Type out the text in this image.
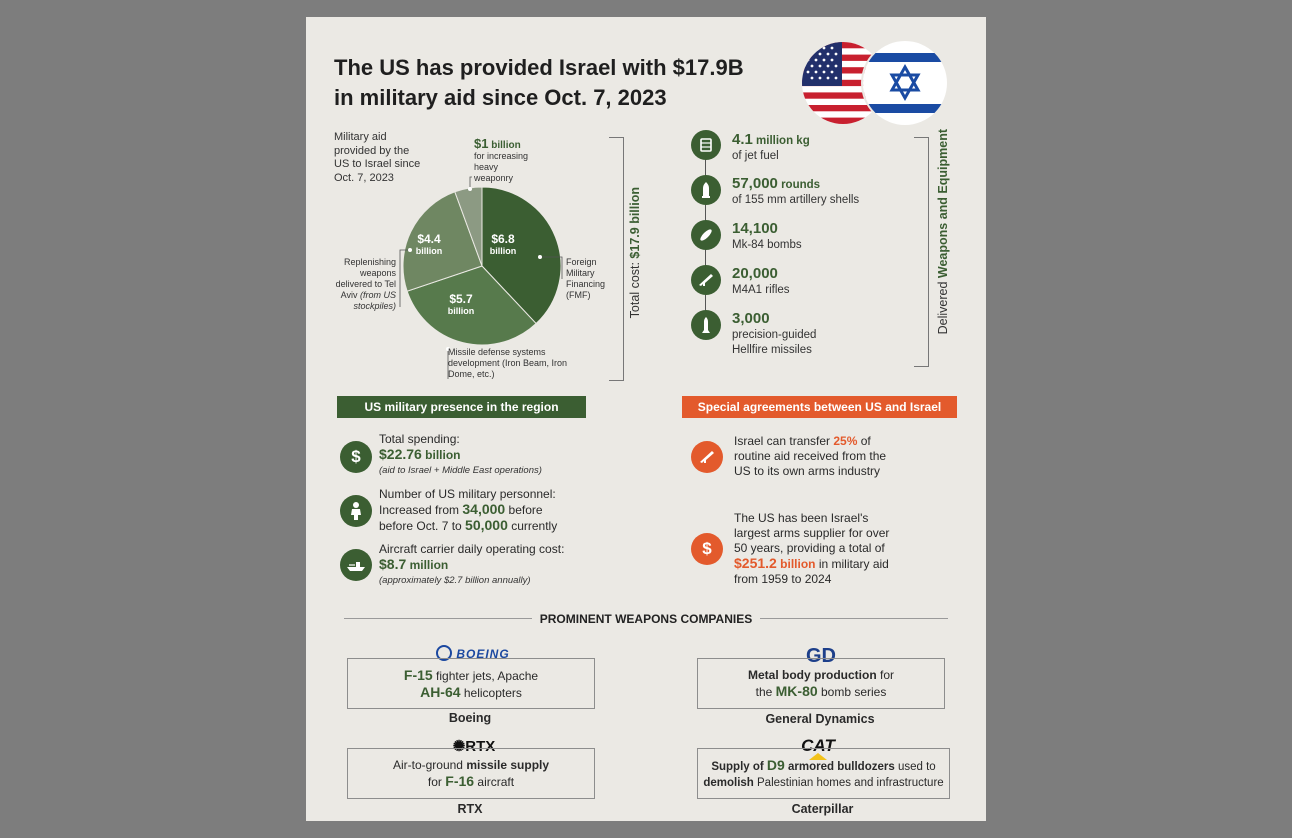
The US has provided Israel with $17.9B
in military aid since Oct. 7, 2023
Military aid
provided by the
US to Israel since
Oct. 7, 2023
$6.8
billion
$5.7
billion
$4.4
billion
$1 billion
for increasing
heavy
weaponry
Foreign
Military
Financing
(FMF)
Missile defense systems
development (Iron Beam, Iron
Dome, etc.)
Replenishing
weapons
delivered to Tel
Aviv (from US
stockpiles)	Total cost: $17.9 billion
4.1 million kg
of jet fuel
57,000 rounds
of 155 mm artillery shells
14,100
Mk-84 bombs
20,000
M4A1 rifles
3,000
precision-guided
Hellfire missiles
Delivered Weapons and Equipment
US military presence in the region	Special agreements between US and Israel
$
Total spending:
$22.76 billion
(aid to Israel + Middle East operations)
Number of US military personnel:
Increased from 34,000 before
before Oct. 7 to 50,000 currently
Aircraft carrier daily operating cost:
$8.7 million
(approximately $2.7 billion annually)
Israel can transfer 25% of
routine aid received from the
US to its own arms industry
$
The US has been Israel's
largest arms supplier for over
50 years, providing a total of
$251.2 billion in military aid
from 1959 to 2024
PROMINENT WEAPONS COMPANIES
BOEING
F-15 fighter jets, Apache
AH-64 helicopters
Boeing
GD
Metal body production for
the MK-80 bomb series
General Dynamics
✺RTX
Air-to-ground missile supply
for F-16 aircraft
RTX
CAT
Supply of D9 armored bulldozers used to
demolish Palestinian homes and infrastructure
Caterpillar
